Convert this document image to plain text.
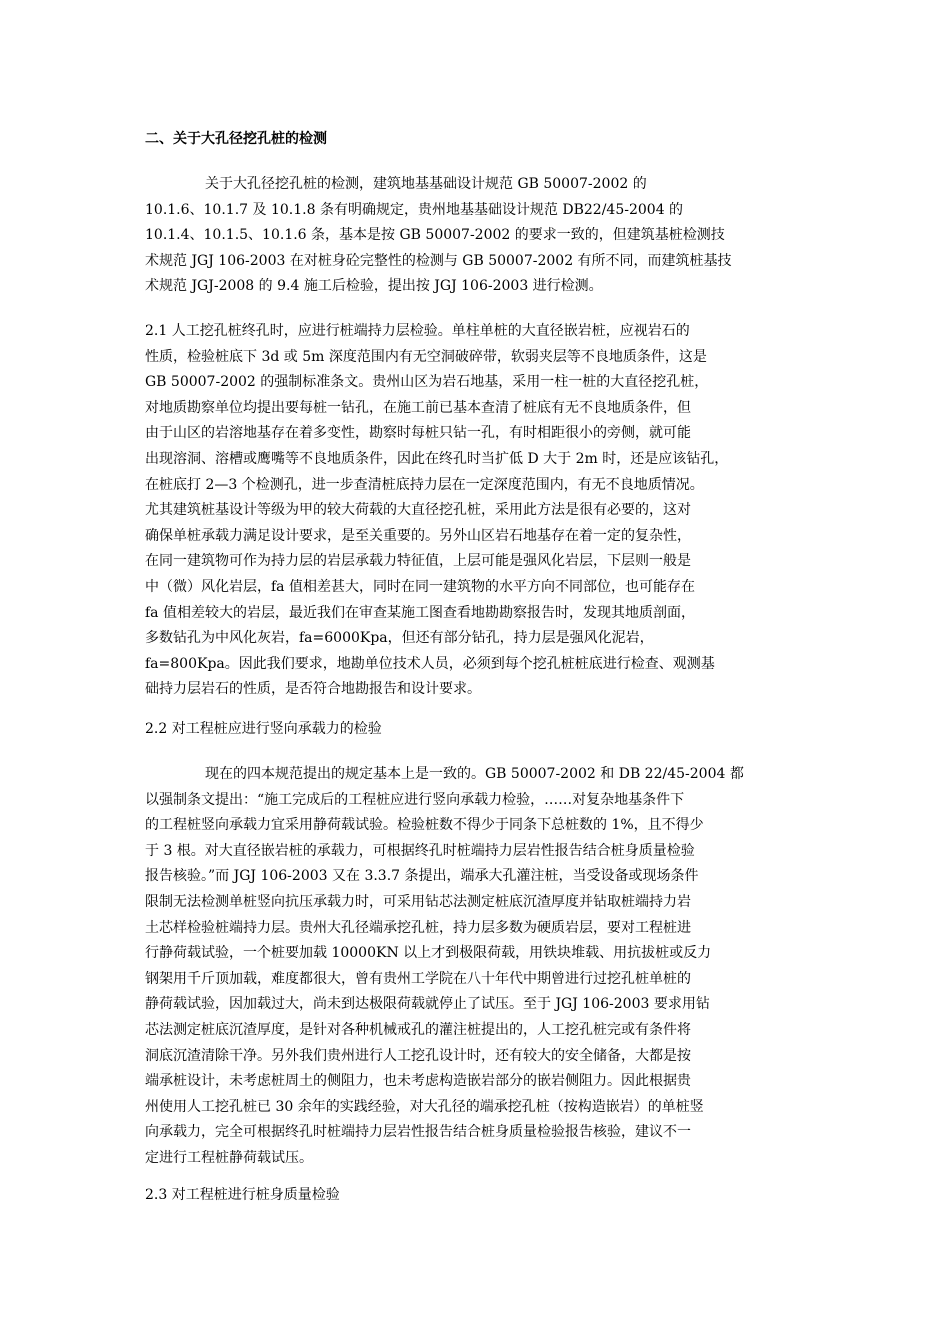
二、关于大孔径挖孔桩的检测
关于大孔径挖孔桩的检测，建筑地基基础设计规范 GB 50007-2002 的
10.1.6、10.1.7 及 10.1.8 条有明确规定，贵州地基基础设计规范 DB22/45-2004 的
10.1.4、10.1.5、10.1.6 条，基本是按 GB 50007-2002 的要求一致的，但建筑基桩检测技
术规范 JGJ 106-2003 在对桩身砼完整性的检测与 GB 50007-2002 有所不同，而建筑桩基技
术规范 JGJ-2008 的 9.4 施工后检验，提出按 JGJ 106-2003 进行检测。
2.1 人工挖孔桩终孔时，应进行桩端持力层检验。单柱单桩的大直径嵌岩桩，应视岩石的
性质，检验桩底下 3d 或 5m 深度范围内有无空洞破碎带，软弱夹层等不良地质条件，这是
GB 50007-2002 的强制标准条文。贵州山区为岩石地基，采用一柱一桩的大直径挖孔桩，
对地质勘察单位均提出要每桩一钻孔，在施工前已基本查清了桩底有无不良地质条件，但
由于山区的岩溶地基存在着多变性，勘察时每桩只钻一孔，有时相距很小的旁侧，就可能
出现溶洞、溶槽或鹰嘴等不良地质条件，因此在终孔时当扩低 D 大于 2m 时，还是应该钻孔，
在桩底打 2—3 个检测孔，进一步查清桩底持力层在一定深度范围内，有无不良地质情况。
尤其建筑桩基设计等级为甲的较大荷载的大直径挖孔桩，采用此方法是很有必要的，这对
确保单桩承载力满足设计要求，是至关重要的。另外山区岩石地基存在着一定的复杂性，
在同一建筑物可作为持力层的岩层承载力特征值，上层可能是强风化岩层，下层则一般是
中（微）风化岩层，fa 值相差甚大，同时在同一建筑物的水平方向不同部位，也可能存在
fa 值相差较大的岩层，最近我们在审查某施工图查看地勘勘察报告时，发现其地质剖面，
多数钻孔为中风化灰岩，fa=6000Kpa，但还有部分钻孔，持力层是强风化泥岩，
fa=800Kpa。因此我们要求，地勘单位技术人员，必须到每个挖孔桩桩底进行检查、观测基
础持力层岩石的性质，是否符合地勘报告和设计要求。
2.2 对工程桩应进行竖向承载力的检验
现在的四本规范提出的规定基本上是一致的。GB 50007-2002 和 DB 22/45-2004 都
以强制条文提出：“施工完成后的工程桩应进行竖向承载力检验，……对复杂地基条件下
的工程桩竖向承载力宜采用静荷载试验。检验桩数不得少于同条下总桩数的 1%，且不得少
于 3 根。对大直径嵌岩桩的承载力，可根据终孔时桩端持力层岩性报告结合桩身质量检验
报告核验。”而 JGJ 106-2003 又在 3.3.7 条提出，端承大孔灌注桩，当受设备或现场条件
限制无法检测单桩竖向抗压承载力时，可采用钻芯法测定桩底沉渣厚度并钻取桩端持力岩
土芯样检验桩端持力层。贵州大孔径端承挖孔桩，持力层多数为硬质岩层，要对工程桩进
行静荷载试验，一个桩要加载 10000KN 以上才到极限荷载，用铁块堆载、用抗拔桩或反力
钢架用千斤顶加载，难度都很大，曾有贵州工学院在八十年代中期曾进行过挖孔桩单桩的
静荷载试验，因加载过大，尚未到达极限荷载就停止了试压。至于 JGJ 106-2003 要求用钻
芯法测定桩底沉渣厚度，是针对各种机械戒孔的灌注桩提出的，人工挖孔桩完或有条件将
洞底沉渣清除干净。另外我们贵州进行人工挖孔设计时，还有较大的安全储备，大都是按
端承桩设计，未考虑桩周土的侧阻力，也未考虑构造嵌岩部分的嵌岩侧阻力。因此根据贵
州使用人工挖孔桩已 30 余年的实践经验，对大孔径的端承挖孔桩（按构造嵌岩）的单桩竖
向承载力，完全可根据终孔时桩端持力层岩性报告结合桩身质量检验报告核验，建议不一
定进行工程桩静荷载试压。
2.3 对工程桩进行桩身质量检验
